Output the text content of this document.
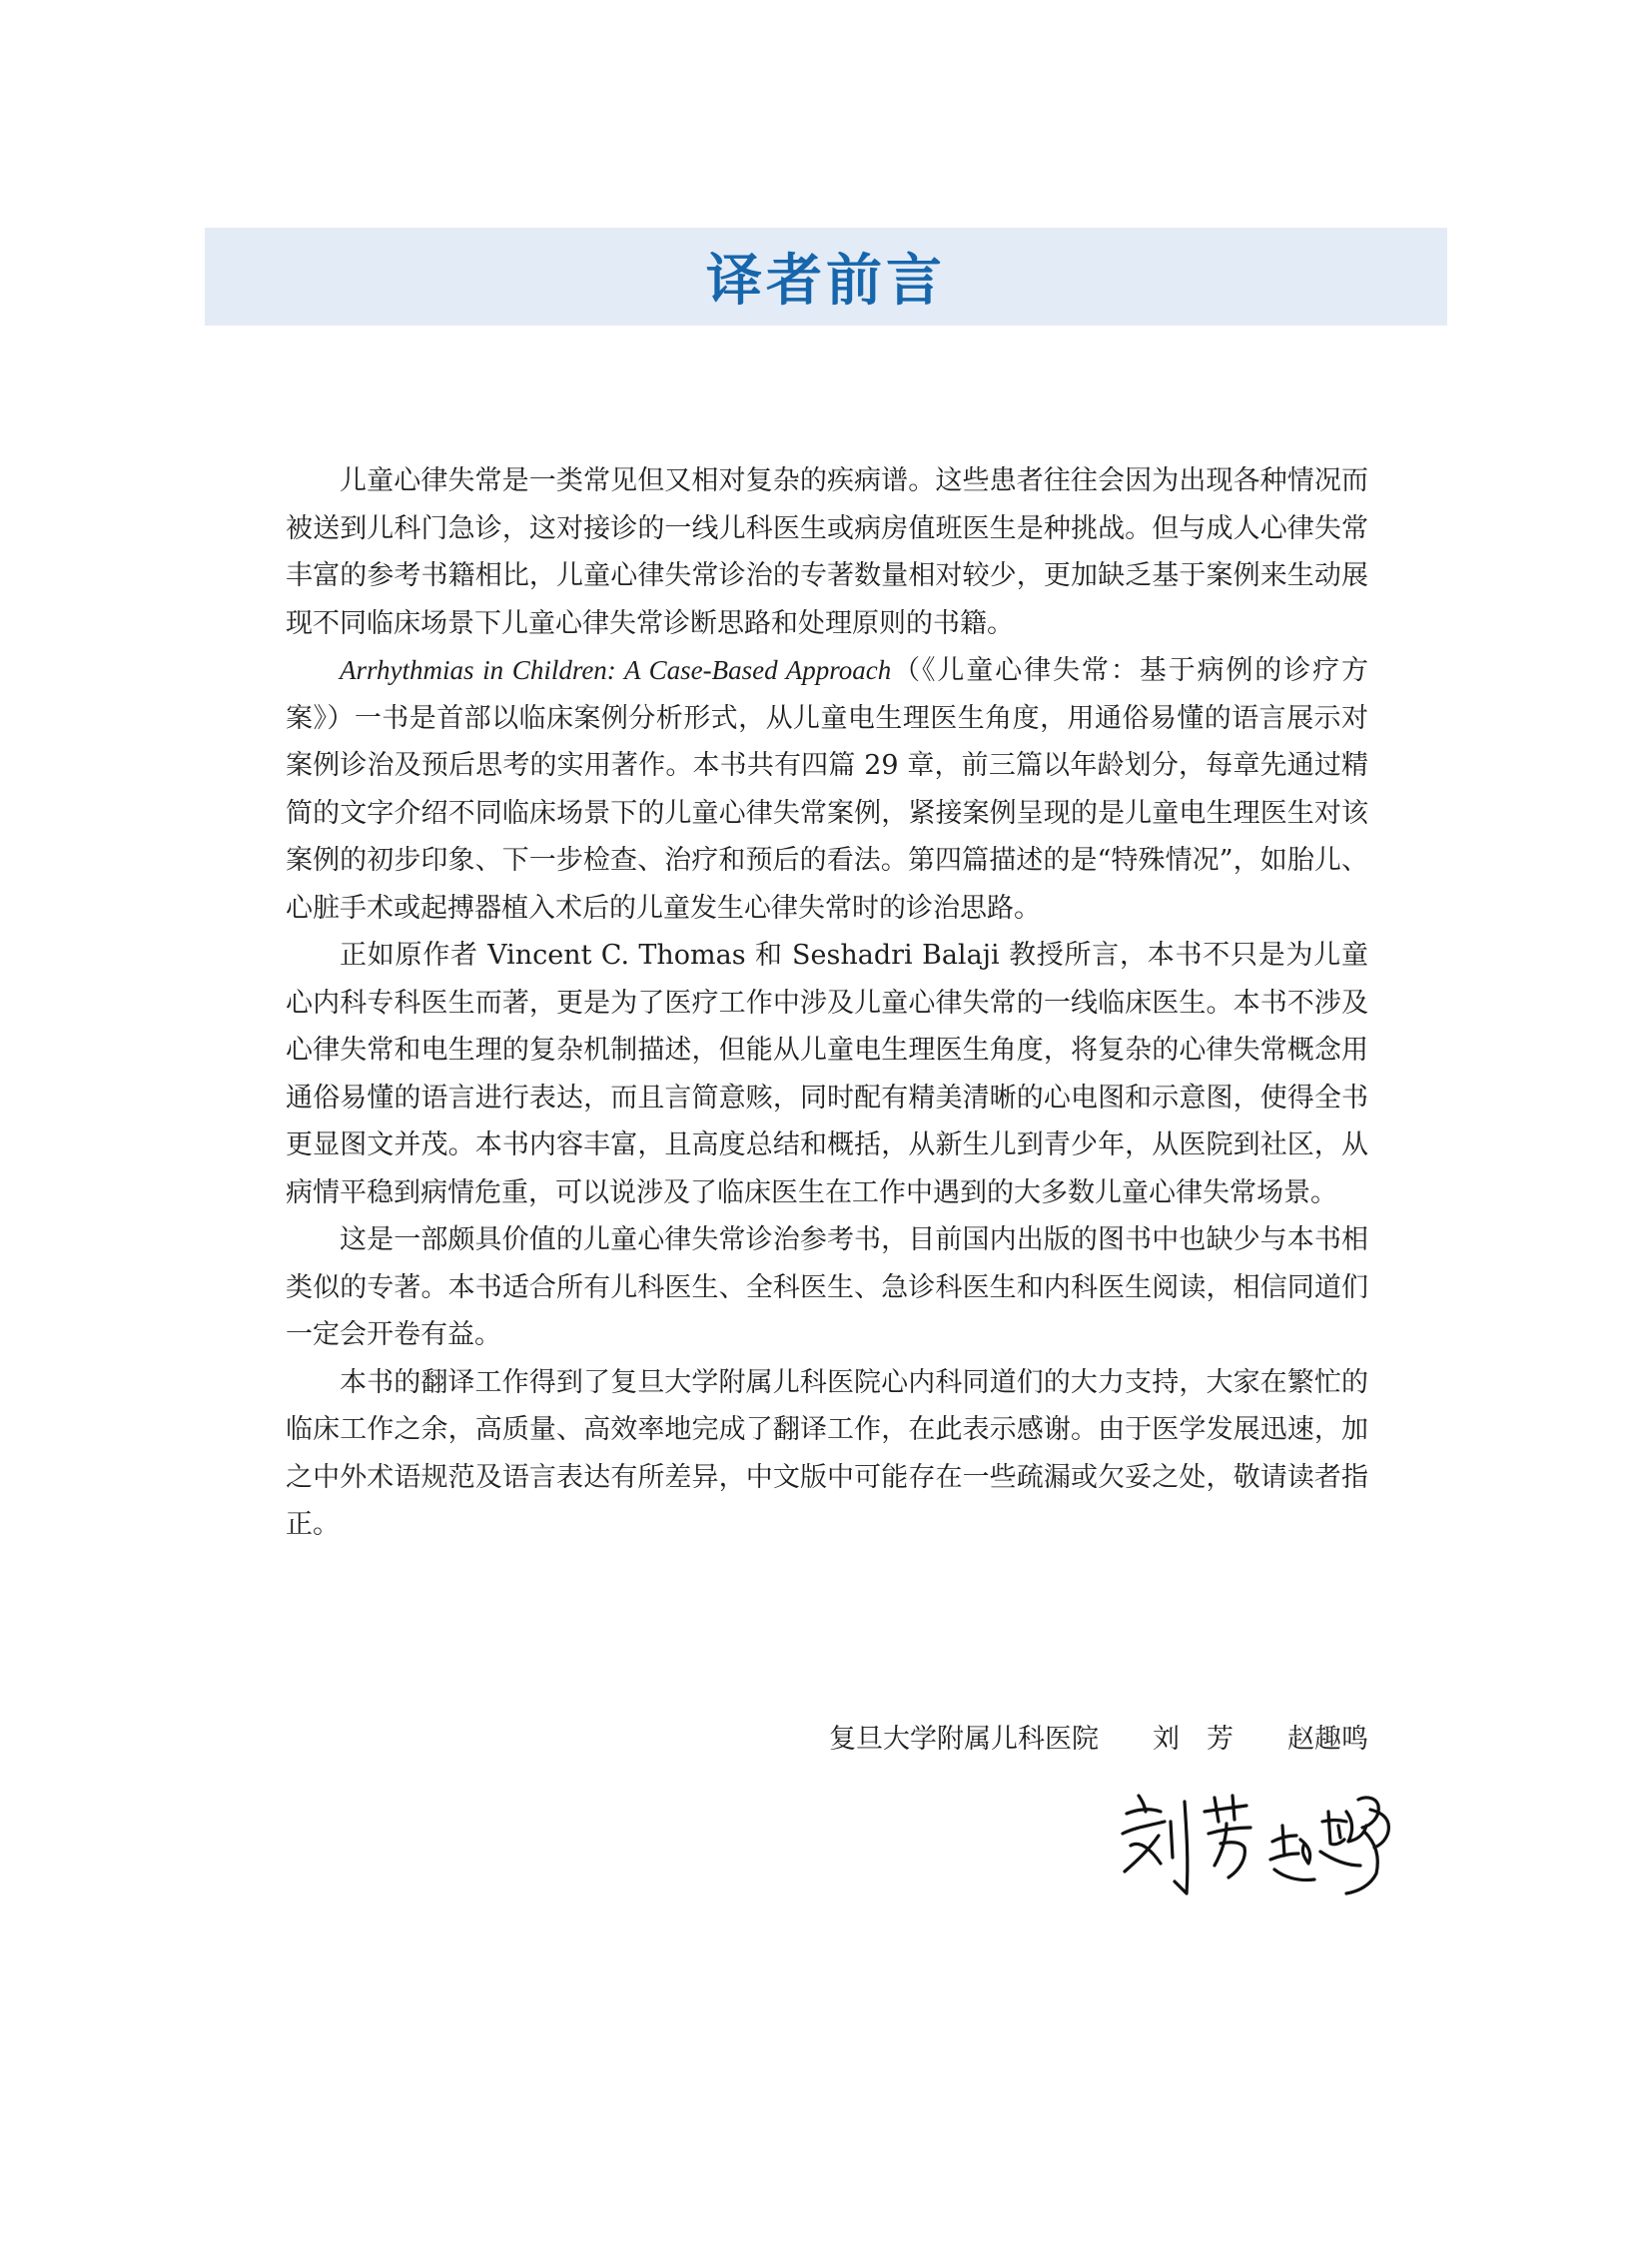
译者前言

儿童心律失常是一类常见但又相对复杂的疾病谱。这些患者往往会因为出现各种情况而被送到儿科门急诊，这对接诊的一线儿科医生或病房值班医生是种挑战。但与成人心律失常丰富的参考书籍相比，儿童心律失常诊治的专著数量相对较少，更加缺乏基于案例来生动展现不同临床场景下儿童心律失常诊断思路和处理原则的书籍。

Arrhythmias in Children: A Case-Based Approach（《儿童心律失常：基于病例的诊疗方案》）一书是首部以临床案例分析形式，从儿童电生理医生角度，用通俗易懂的语言展示对案例诊治及预后思考的实用著作。本书共有四篇 29 章，前三篇以年龄划分，每章先通过精简的文字介绍不同临床场景下的儿童心律失常案例，紧接案例呈现的是儿童电生理医生对该案例的初步印象、下一步检查、治疗和预后的看法。第四篇描述的是“特殊情况”，如胎儿、心脏手术或起搏器植入术后的儿童发生心律失常时的诊治思路。

正如原作者 Vincent C. Thomas 和 Seshadri Balaji 教授所言，本书不只是为儿童心内科专科医生而著，更是为了医疗工作中涉及儿童心律失常的一线临床医生。本书不涉及心律失常和电生理的复杂机制描述，但能从儿童电生理医生角度，将复杂的心律失常概念用通俗易懂的语言进行表达，而且言简意赅，同时配有精美清晰的心电图和示意图，使得全书更显图文并茂。本书内容丰富，且高度总结和概括，从新生儿到青少年，从医院到社区，从病情平稳到病情危重，可以说涉及了临床医生在工作中遇到的大多数儿童心律失常场景。

这是一部颇具价值的儿童心律失常诊治参考书，目前国内出版的图书中也缺少与本书相类似的专著。本书适合所有儿科医生、全科医生、急诊科医生和内科医生阅读，相信同道们一定会开卷有益。

本书的翻译工作得到了复旦大学附属儿科医院心内科同道们的大力支持，大家在繁忙的临床工作之余，高质量、高效率地完成了翻译工作，在此表示感谢。由于医学发展迅速，加之中外术语规范及语言表达有所差异，中文版中可能存在一些疏漏或欠妥之处，敬请读者指正。

复旦大学附属儿科医院　　 刘　芳　　 赵趣鸣
